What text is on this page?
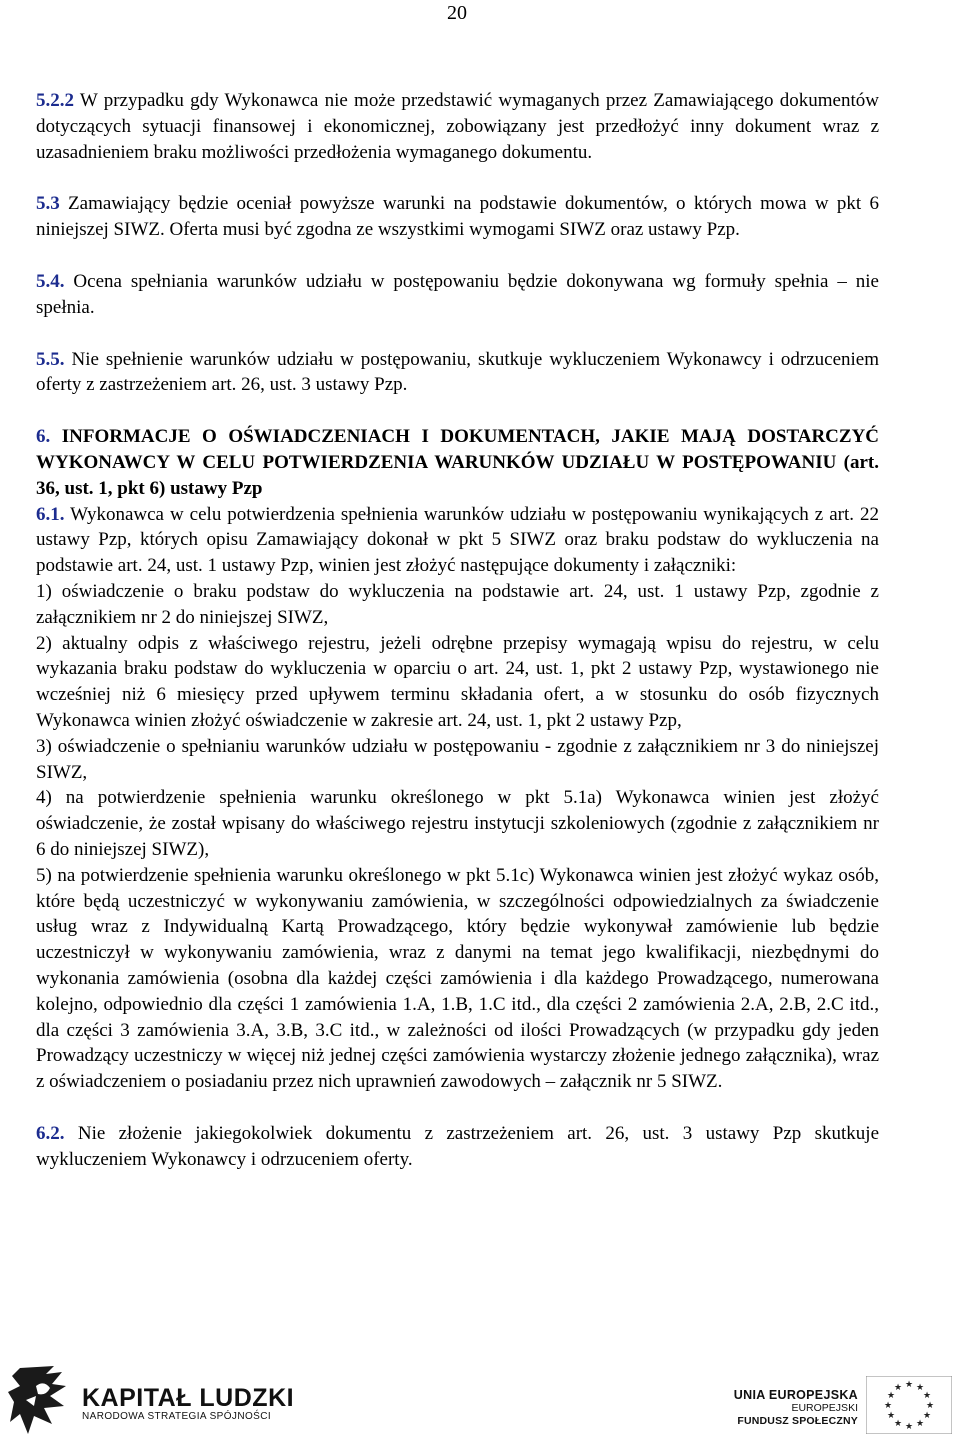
20

5.2.2 W przypadku gdy Wykonawca nie może przedstawić wymaganych przez Zamawiającego dokumentów dotyczących sytuacji finansowej i ekonomicznej, zobowiązany jest przedłożyć inny dokument wraz z uzasadnieniem braku możliwości przedłożenia wymaganego dokumentu.

5.3 Zamawiający będzie oceniał powyższe warunki na podstawie dokumentów, o których mowa w pkt 6 niniejszej SIWZ. Oferta musi być zgodna ze wszystkimi wymogami SIWZ oraz ustawy Pzp.

5.4. Ocena spełniania warunków udziału w postępowaniu będzie dokonywana wg formuły spełnia – nie spełnia.

5.5. Nie spełnienie warunków udziału w postępowaniu, skutkuje wykluczeniem Wykonawcy i odrzuceniem oferty z zastrzeżeniem art. 26, ust. 3 ustawy Pzp.

6. INFORMACJE O OŚWIADCZENIACH I DOKUMENTACH, JAKIE MAJĄ DOSTARCZYĆ WYKONAWCY W CELU POTWIERDZENIA WARUNKÓW UDZIAŁU W POSTĘPOWANIU (art. 36, ust. 1, pkt 6) ustawy Pzp

6.1. Wykonawca w celu potwierdzenia spełnienia warunków udziału w postępowaniu wynikających z art. 22 ustawy Pzp, których opisu Zamawiający dokonał w pkt 5 SIWZ oraz braku podstaw do wykluczenia na podstawie art. 24, ust. 1 ustawy Pzp, winien jest złożyć następujące dokumenty i załączniki:

1) oświadczenie o braku podstaw do wykluczenia na podstawie art. 24, ust. 1 ustawy Pzp, zgodnie z załącznikiem nr 2 do niniejszej SIWZ,

2) aktualny odpis z właściwego rejestru, jeżeli odrębne przepisy wymagają wpisu do rejestru, w celu wykazania braku podstaw do wykluczenia w oparciu o art. 24, ust. 1, pkt 2 ustawy Pzp, wystawionego nie wcześniej niż 6 miesięcy przed upływem terminu składania ofert, a w stosunku do osób fizycznych Wykonawca winien złożyć oświadczenie w zakresie art. 24, ust. 1, pkt 2 ustawy Pzp,

3) oświadczenie o spełnianiu warunków udziału w postępowaniu - zgodnie z załącznikiem nr 3 do niniejszej SIWZ,

4) na potwierdzenie spełnienia warunku określonego w pkt 5.1a) Wykonawca winien jest złożyć oświadczenie, że został wpisany do właściwego rejestru instytucji szkoleniowych (zgodnie z załącznikiem nr 6 do niniejszej SIWZ),

5) na potwierdzenie spełnienia warunku określonego w pkt 5.1c) Wykonawca winien jest złożyć wykaz osób, które będą uczestniczyć w wykonywaniu zamówienia, w szczególności odpowiedzialnych za świadczenie usług wraz z Indywidualną Kartą Prowadzącego, który będzie wykonywał zamówienie lub będzie uczestniczył w wykonywaniu zamówienia, wraz z danymi na temat jego kwalifikacji, niezbędnymi do wykonania zamówienia (osobna dla każdej części zamówienia i dla każdego Prowadzącego, numerowana kolejno, odpowiednio dla części 1 zamówienia 1.A, 1.B, 1.C itd., dla części 2 zamówienia 2.A, 2.B, 2.C itd., dla części 3 zamówienia 3.A, 3.B, 3.C itd., w zależności od ilości Prowadzących (w przypadku gdy jeden Prowadzący uczestniczy w więcej niż jednej części zamówienia wystarczy złożenie jednego załącznika), wraz z oświadczeniem o posiadaniu przez nich uprawnień zawodowych – załącznik nr 5 SIWZ.

6.2. Nie złożenie jakiegokolwiek dokumentu z zastrzeżeniem art. 26, ust. 3 ustawy Pzp skutkuje wykluczeniem Wykonawcy i odrzuceniem oferty.

KAPITAŁ LUDZKI
NARODOWA STRATEGIA SPÓJNOŚCI
UNIA EUROPEJSKA
EUROPEJSKI
FUNDUSZ SPOŁECZNY
★ ★
★
★
★
★
★
★
★
★
★
★
